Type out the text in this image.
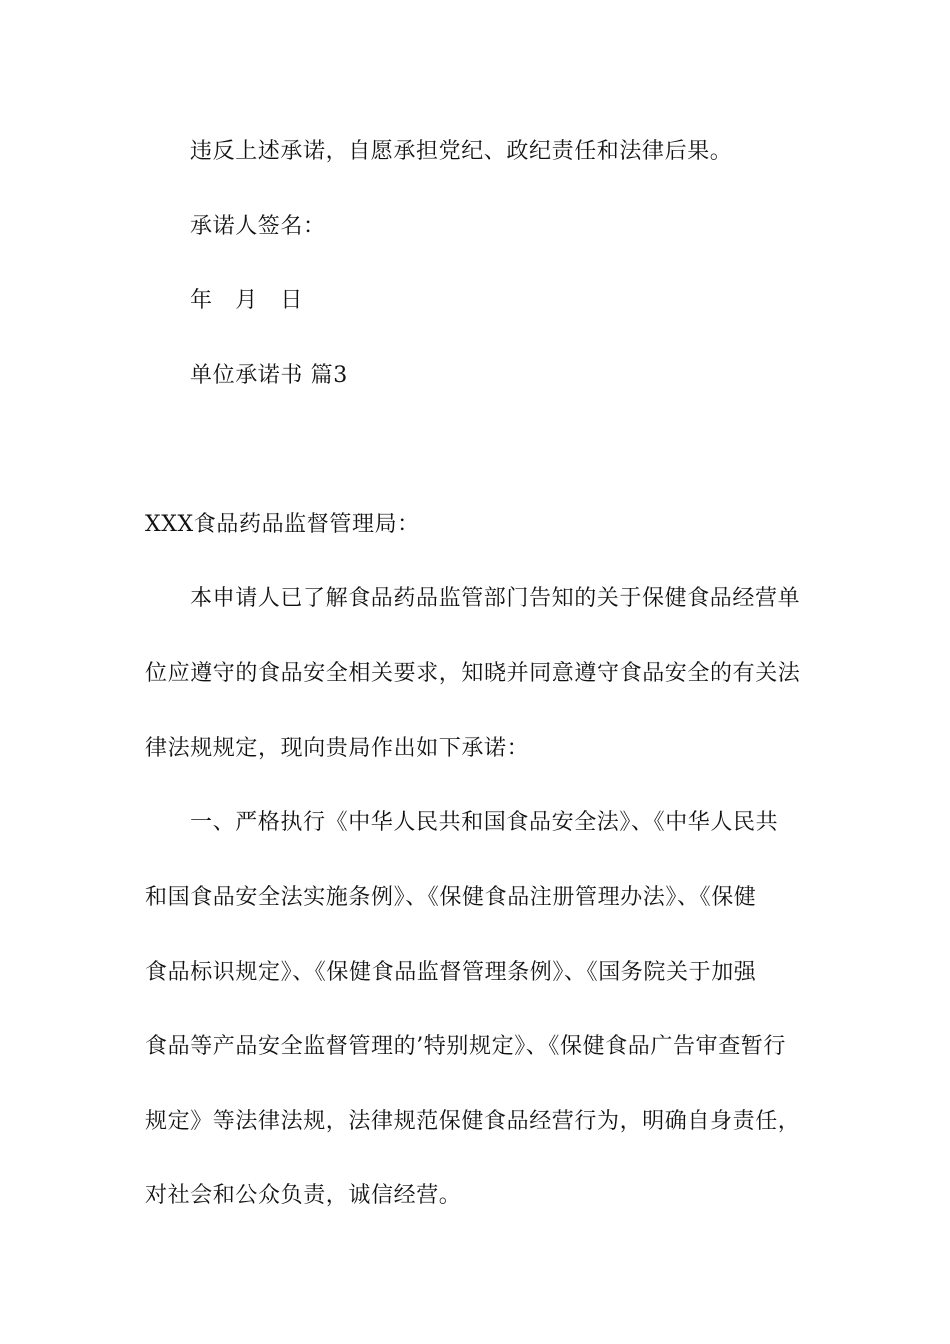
违反上述承诺，自愿承担党纪、政纪责任和法律后果。
承诺人签名：
年　月　日
单位承诺书 篇3
XXX食品药品监督管理局：
本申请人已了解食品药品监管部门告知的关于保健食品经营单
位应遵守的食品安全相关要求，知晓并同意遵守食品安全的有关法
律法规规定，现向贵局作出如下承诺：
一、严格执行《中华人民共和国食品安全法》、《中华人民共
和国食品安全法实施条例》、《保健食品注册管理办法》、《保健
食品标识规定》、《保健食品监督管理条例》、《国务院关于加强
食品等产品安全监督管理的’特别规定》、《保健食品广告审查暂行
规定》等法律法规，法律规范保健食品经营行为，明确自身责任，
对社会和公众负责，诚信经营。
